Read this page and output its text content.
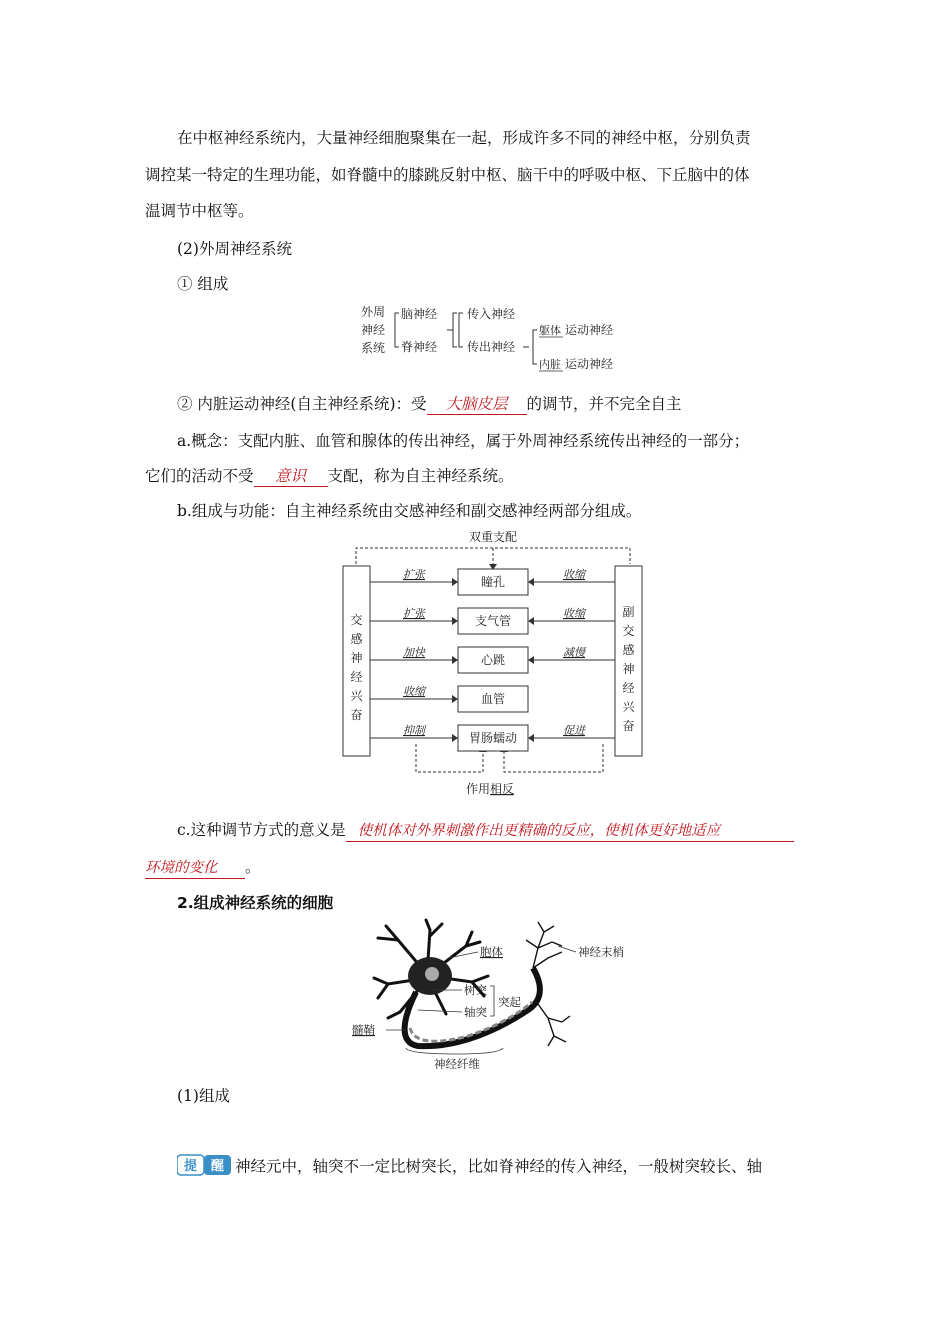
在中枢神经系统内，大量神经细胞聚集在一起，形成许多不同的神经中枢，分别负责
调控某一特定的生理功能，如脊髓中的膝跳反射中枢、脑干中的呼吸中枢、下丘脑中的体
温调节中枢等。
(2)外周神经系统
① 组成
外周
神经
系统
脑神经
脊神经
传入神经
传出神经
躯体 运动神经
内脏 运动神经
② 内脏运动神经(自主神经系统)：受 大脑皮层 的调节，并不完全自主
a.概念：支配内脏、血管和腺体的传出神经，属于外周神经系统传出神经的一部分；
它们的活动不受 意识 支配，称为自主神经系统。
b.组成与功能：自主神经系统由交感神经和副交感神经两部分组成。
双重支配
交
感
神
经
兴
奋
副
交
感
神
经
兴
奋
瞳孔
扩张	收缩
支气管
扩张	收缩
心跳
加快	减慢
血管
收缩
胃肠蠕动
抑制	促进
作用 相反
c.这种调节方式的意义是 使机体对外界刺激作出更精确的反应，使机体更好地适应
环境的变化 。
2.组成神经系统的细胞
胞体
树突
轴突
突起
神经末梢
髓鞘
神经纤维
(1)组成
提 醒 神经元中，轴突不一定比树突长，比如脊神经的传入神经，一般树突较长、轴
